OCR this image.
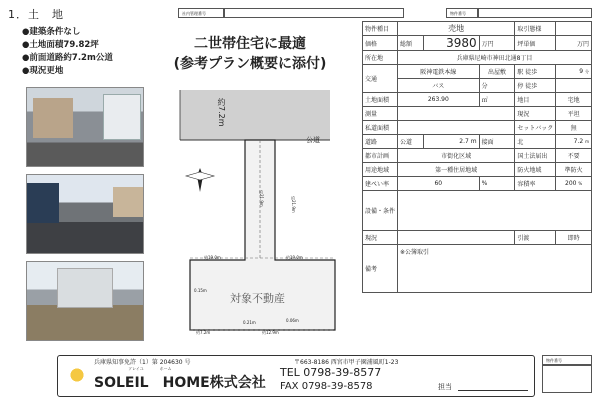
1．土　地	社内管理番号	物件番号
●建築条件なし
●土地面積79.82坪
●前面道路約7.2m公道
●現況更地
二世帯住宅に最適
(参考プラン概要に添付)
約7.2m
公道
約21.9m	約21.9m
約19.0m	約19.0m
対象不動産
0.15m
0.21m	0.06m
約7.2m	約12.9m
物件種目	売地			取引態様	
価格	総額	3980	万円	坪単価	万円
所在地	兵庫県尼崎市神田北通8丁目				
交通	阪神電鉄本線		出屋敷	駅 徒歩	9 分
	バス		分	停 徒歩	
土地面積	263.90		㎡	地目	宅地
測量				現況	平坦
私道面積				セットバック	無
道路	公道	2.7 m	接面	北	7.2 m
都市計画	市街化区域			国土法届出	不要
用途地域	第一種住居地域			防火地域	準防火
建ぺい率	60		%	容積率	200 %
設備・条件					
現況				引渡	即時
備考	※公簿取引				
兵庫県知事免許（1）第 204630 号	〒663-8186 西宮市甲子園浦風町1-23
ソレイユ　　　　ホーム
SOLEIL　HOME株式会社
TEL 0798-39-8577
FAX 0798-39-8578	担当
物件番号
